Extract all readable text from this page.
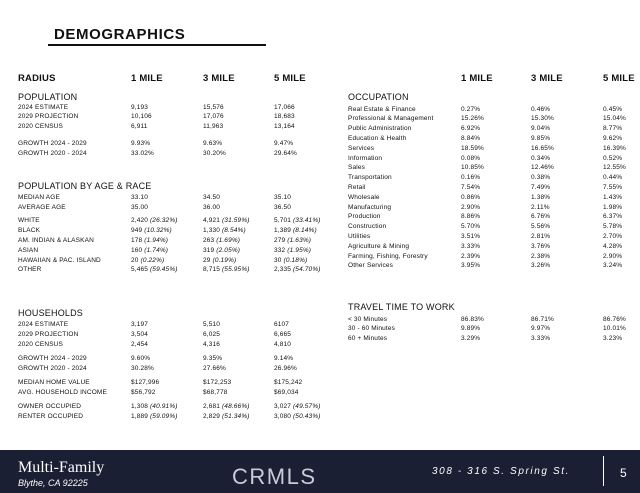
DEMOGRAPHICS
RADIUS	1 MILE	3 MILE	5 MILE	1 MILE	3 MILE	5 MILE
POPULATION
POPULATION BY AGE & RACE
HOUSEHOLDS
OCCUPATION
TRAVEL TIME TO WORK
2024 ESTIMATE	9,193	15,576	17,066
2029 PROJECTION	10,106	17,076	18,683
2020 CENSUS	6,911	11,963	13,164
GROWTH 2024 - 2029	9.93%	9.63%	9.47%
GROWTH 2020 - 2024	33.02%	30.20%	29.64%
MEDIAN AGE	33.10	34.50	35.10
AVERAGE AGE	35.00	36.00	36.50
WHITE	2,420 (26.32%)	4,921 (31.59%)	5,701 (33.41%)
BLACK	949 (10.32%)	1,330 (8.54%)	1,389 (8.14%)
AM. INDIAN & ALASKAN	178 (1.94%)	263 (1.69%)	279 (1.63%)
ASIAN	160 (1.74%)	319 (2.05%)	332 (1.95%)
HAWAIIAN & PAC. ISLAND	20 (0.22%)	29 (0.19%)	30 (0.18%)
OTHER	5,465 (59.45%)	8,715 (55.95%)	2,335 (54.70%)
2024 ESTIMATE	3,197	5,510	6107
2029 PROJECTION	3,504	6,025	6,665
2020 CENSUS	2,454	4,316	4,810
GROWTH 2024 - 2029	9.60%	9.35%	9.14%
GROWTH 2020 - 2024	30.28%	27.66%	26.96%
MEDIAN HOME VALUE	$127,996	$172,253	$175,242
AVG. HOUSEHOLD INCOME	$56,792	$68,778	$69,034
OWNER OCCUPIED	1,308 (40.91%)	2,681 (48.66%)	3,027 (49.57%)
RENTER OCCUPIED	1,889 (59.09%)	2,829 (51.34%)	3,080 (50.43%)
Real Estate & Finance	0.27%	0.46%	0.45%
Professional & Management	15.26%	15.30%	15.04%
Public Administration	6.92%	9.04%	8.77%
Education & Health	8.84%	9.85%	9.62%
Services	18.59%	16.65%	16.39%
Information	0.08%	0.34%	0.52%
Sales	10.85%	12.46%	12.55%
Transportation	0.16%	0.38%	0.44%
Retail	7.54%	7.49%	7.55%
Wholesale	0.86%	1.38%	1.43%
Manufacturing	2.90%	2.11%	1.98%
Production	8.86%	6.76%	6.37%
Construction	5.70%	5.56%	5.78%
Utilities	3.51%	2.81%	2.70%
Agriculture & Mining	3.33%	3.76%	4.28%
Farming, Fishing, Forestry	2.39%	2.38%	2.90%
Other Services	3.95%	3.26%	3.24%
< 30 Minutes	86.83%	86.71%	86.76%
30 - 60 Minutes	9.89%	9.97%	10.01%
60 + Minutes	3.29%	3.33%	3.23%
Multi-Family
Blythe, CA 92225	CRMLS	308 - 316 S. Spring St.	5
